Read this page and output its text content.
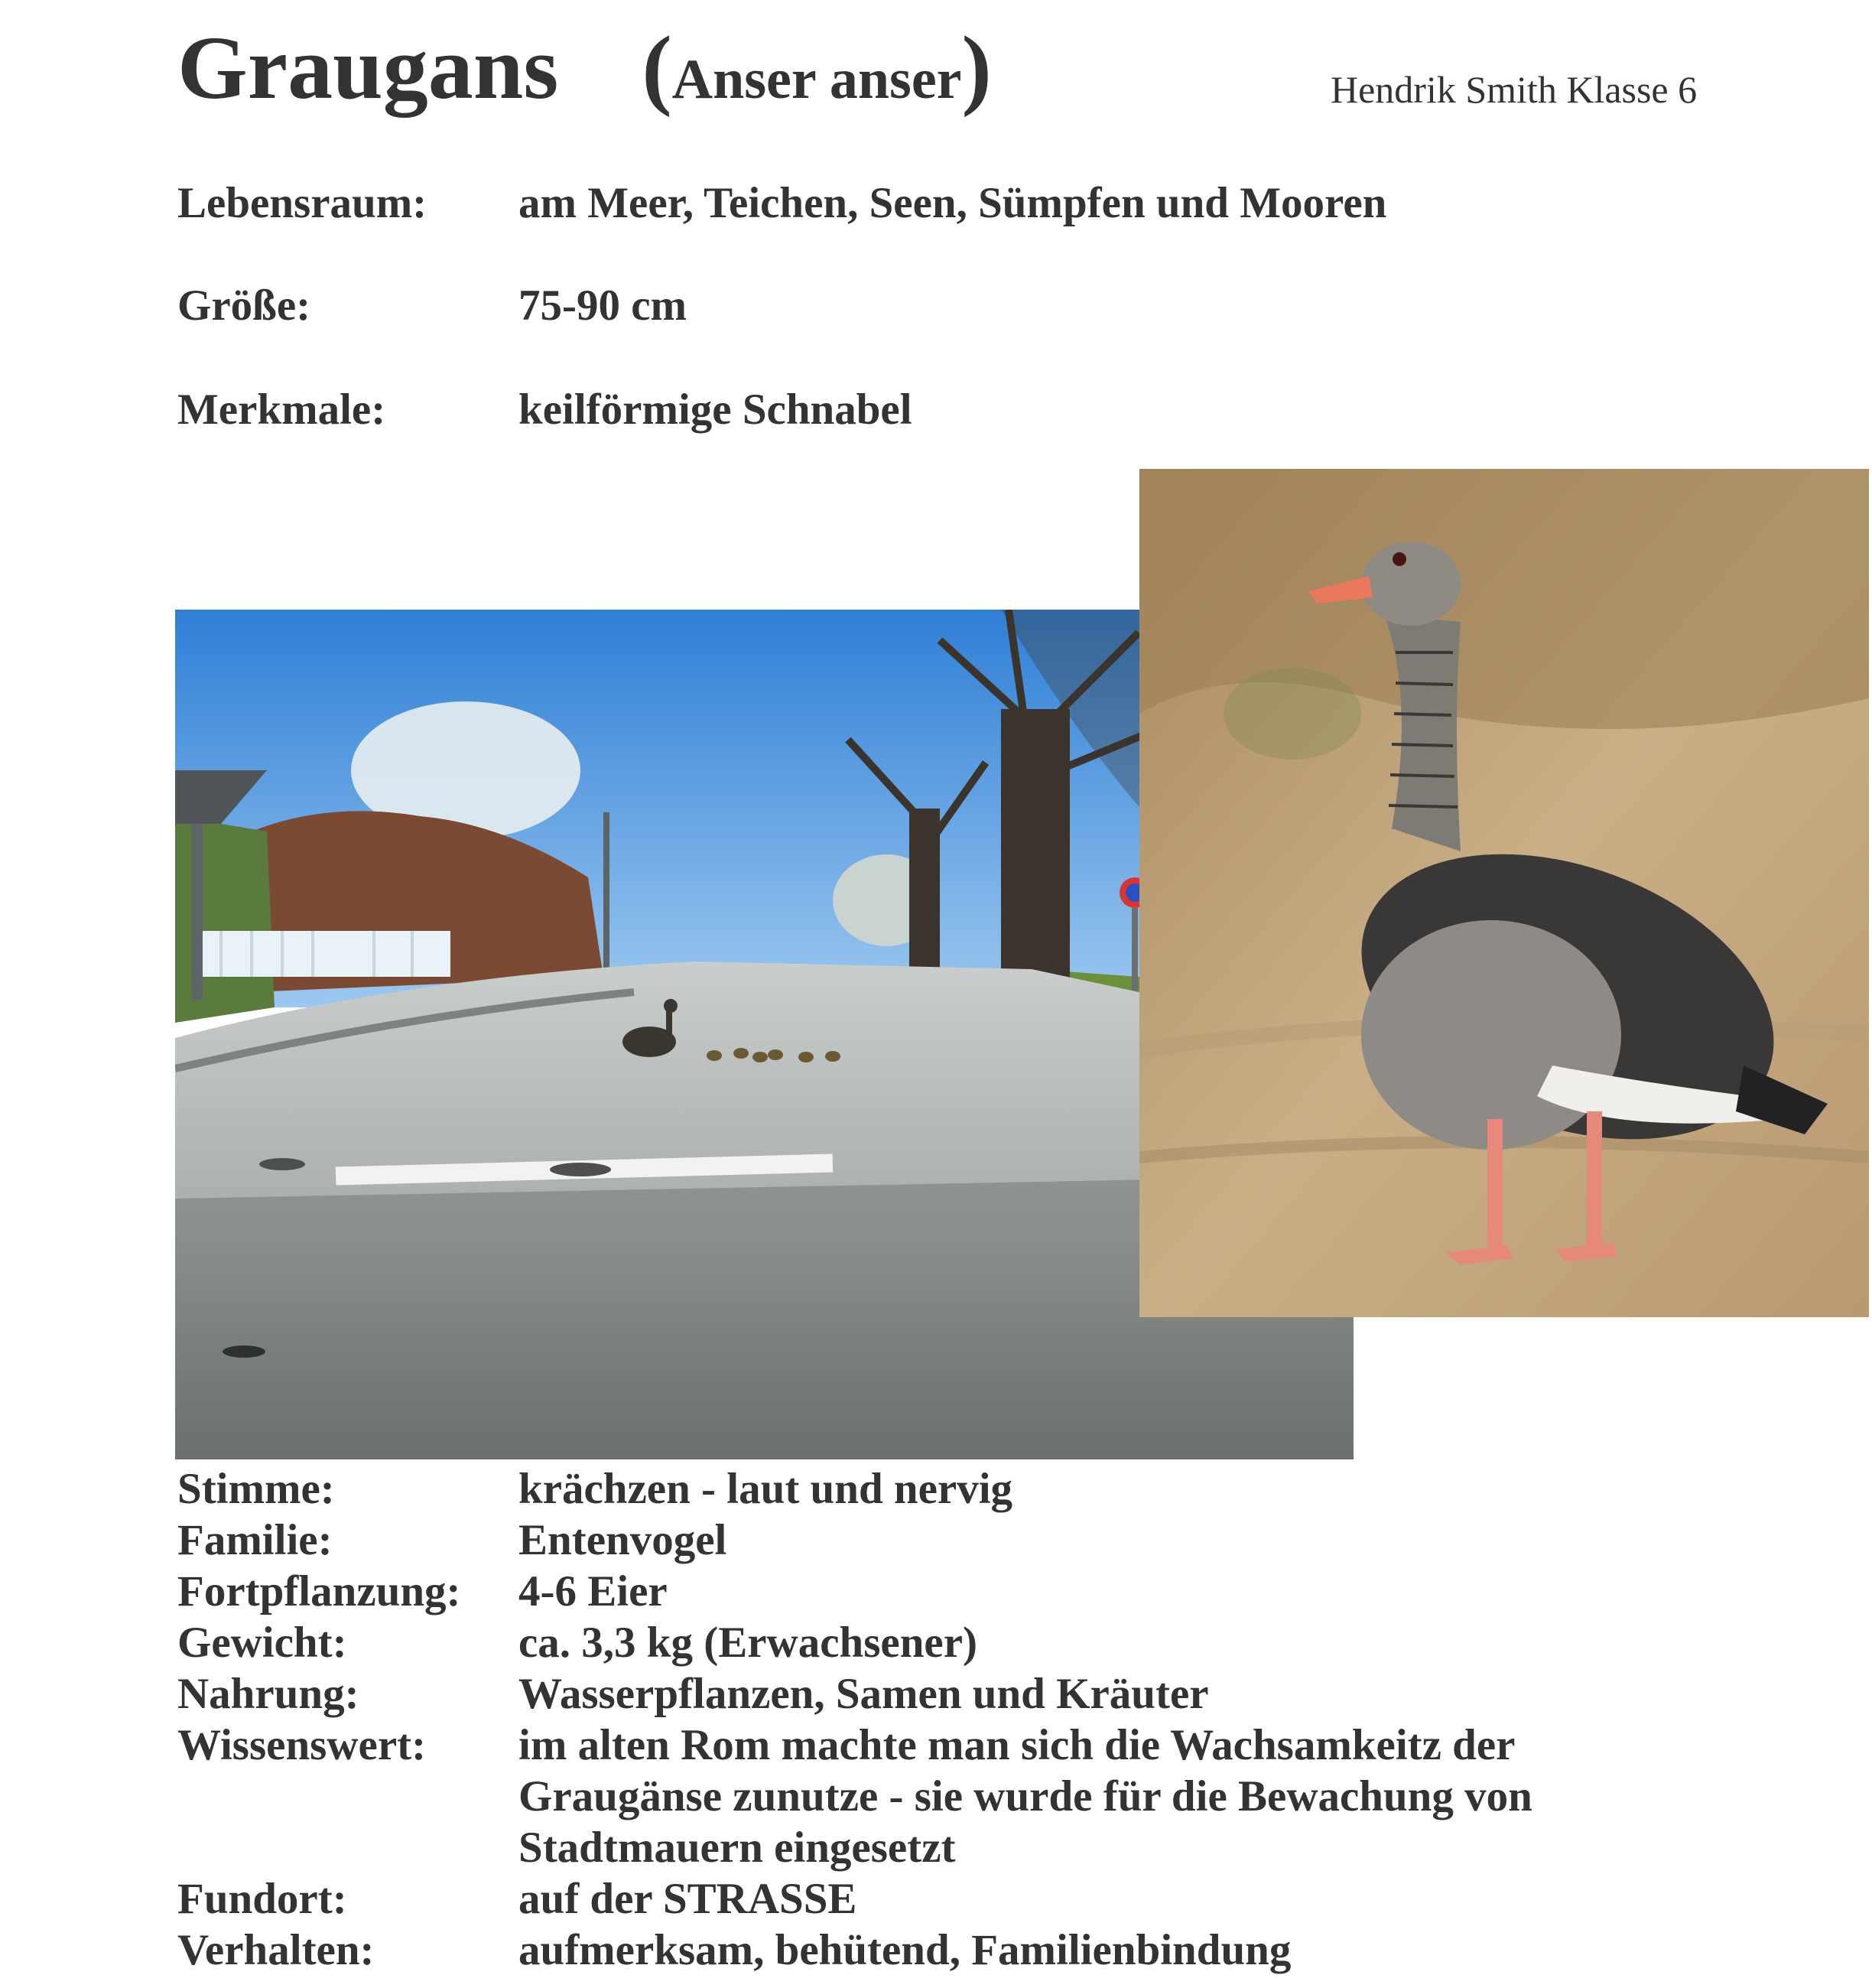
Graugans (Anser anser)	Hendrik Smith Klasse 6
Lebensraum: am Meer, Teichen, Seen, Sümpfen und Mooren
Größe:	75-90 cm
Merkmale:	keilförmige Schnabel
Stimme:	krächzen - laut und nervig
Familie:	Entenvogel
Fortpflanzung: 4-6 Eier
Gewicht:	ca. 3,3 kg (Erwachsener)
Nahrung:	Wasserpflanzen, Samen und Kräuter
Wissenswert: im alten Rom machte man sich die Wachsamkeitz der
Graugänse zunutze - sie wurde für die Bewachung von
Stadtmauern eingesetzt
Fundort:	auf der STRASSE
Verhalten:	aufmerksam, behütend, Familienbindung
